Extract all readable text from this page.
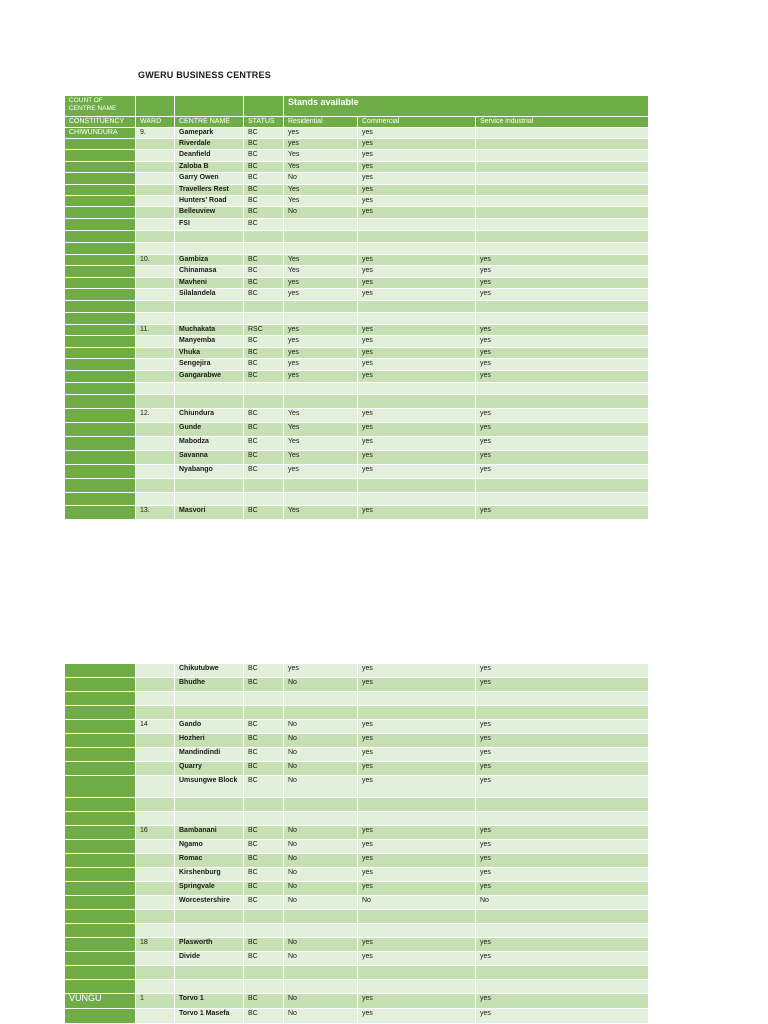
GWERU BUSINESS CENTRES
COUNT OF CENTRE NAME				Stands available		
CONSTITUENCY	WARD	CENTRE NAME	STATUS	Residential	Commercial	Service industrial
CHIWUNDURA	9.	Gamepark	BC	yes	yes	
		Riverdale	BC	yes	yes	
		Deanfield	BC	Yes	yes	
		Zaloba B	BC	Yes	yes	
		Garry Owen	BC	No	yes	
		Travellers Rest	BC	Yes	yes	
		Hunters' Road	BC	Yes	yes	
		Belleuview	BC	No	yes	
		FSI	BC			

	10.	Gambiza	BC	Yes	yes	yes
		Chinamasa	BC	Yes	yes	yes
		Mavheni	BC	yes	yes	yes
		Silalandela	BC	yes	yes	yes

	11.	Muchakata	RSC	yes	yes	yes
		Manyemba	BC	yes	yes	yes
		Vhuka	BC	yes	yes	yes
		Sengejira	BC	yes	yes	yes
		Gangarabwe	BC	yes	yes	yes

	12.	Chiundura	BC	Yes	yes	yes
		Gunde	BC	Yes	yes	yes
		Mabodza	BC	Yes	yes	yes
		Savanna	BC	Yes	yes	yes
		Nyabango	BC	yes	yes	yes

	13.	Masvori	BC	Yes	yes	yes
		Chikutubwe	BC	yes	yes	yes
		Bhudhe	BC	No	yes	yes

	14	Gando	BC	No	yes	yes
		Hozheri	BC	No	yes	yes
		Mandindindi	BC	No	yes	yes
		Quarry	BC	No	yes	yes
		Umsungwe Block	BC	No	yes	yes

	16	Bambanani	BC	No	yes	yes
		Ngamo	BC	No	yes	yes
		Romac	BC	No	yes	yes
		Kirshenburg	BC	No	yes	yes
		Springvale	BC	No	yes	yes
		Worcestershire	BC	No	No	No

	18	Plasworth	BC	No	yes	yes
		Divide	BC	No	yes	yes

VUNGU	1	Torvo 1	BC	No	yes	yes
		Torvo 1 Masefa	BC	No	yes	yes
